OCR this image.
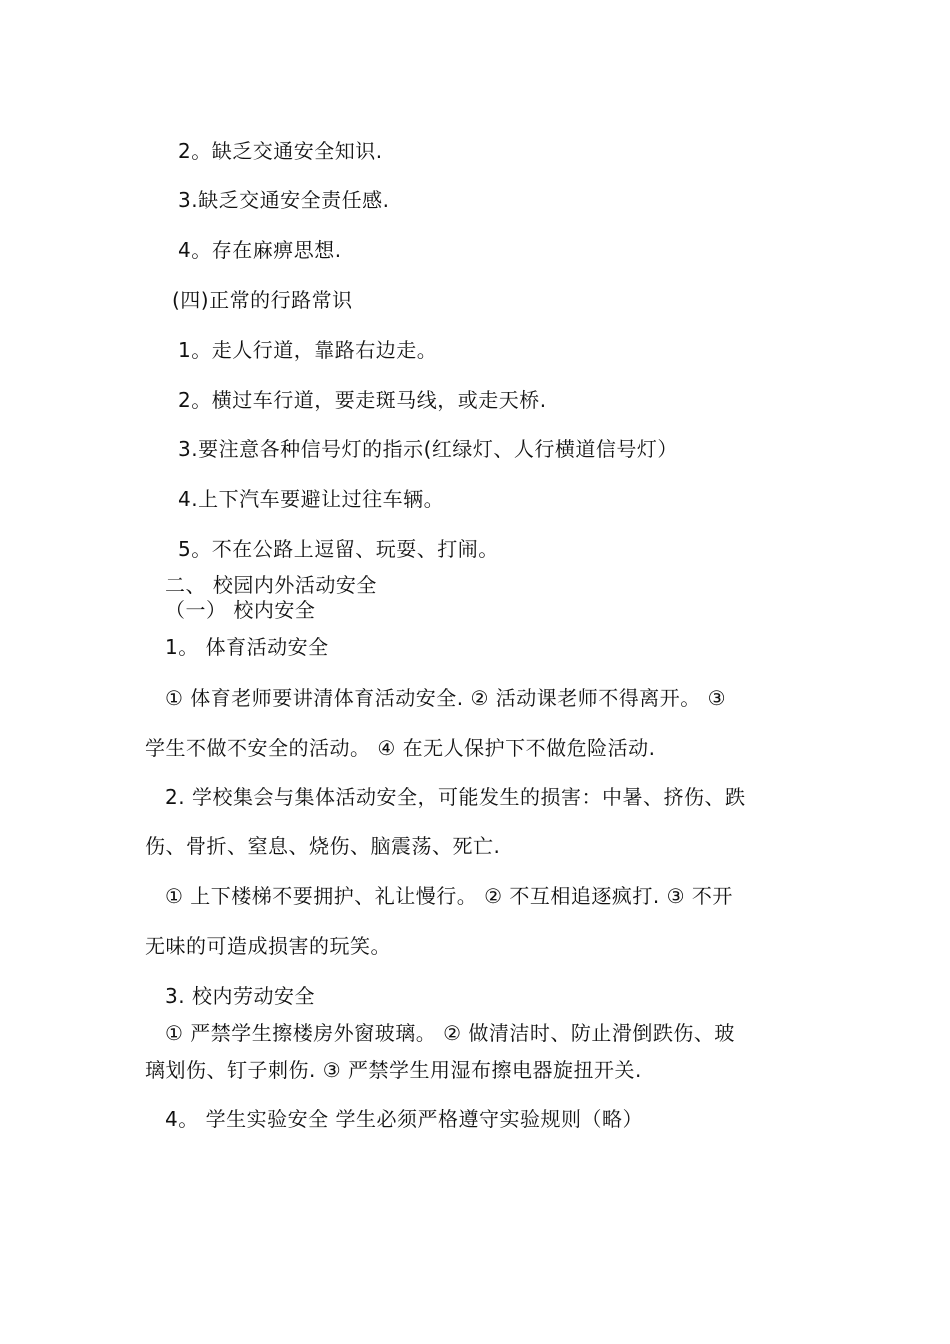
2。缺乏交通安全知识.
3.缺乏交通安全责任感.
4。存在麻痹思想.
(四)正常的行路常识
1。走人行道，靠路右边走。
2。横过车行道，要走斑马线，或走天桥.
3.要注意各种信号灯的指示(红绿灯、人行横道信号灯）
4.上下汽车要避让过往车辆。
5。不在公路上逗留、玩耍、打闹。
二、 校园内外活动安全
（一） 校内安全
1。 体育活动安全
① 体育老师要讲清体育活动安全. ② 活动课老师不得离开。 ③
学生不做不安全的活动。 ④ 在无人保护下不做危险活动.
2. 学校集会与集体活动安全，可能发生的损害：中暑、挤伤、跌
伤、骨折、窒息、烧伤、脑震荡、死亡.
① 上下楼梯不要拥护、礼让慢行。 ② 不互相追逐疯打. ③ 不开
无味的可造成损害的玩笑。
3. 校内劳动安全
① 严禁学生擦楼房外窗玻璃。 ② 做清洁时、防止滑倒跌伤、玻
璃划伤、钉子刺伤. ③ 严禁学生用湿布擦电器旋扭开关.
4。 学生实验安全 学生必须严格遵守实验规则（略）
